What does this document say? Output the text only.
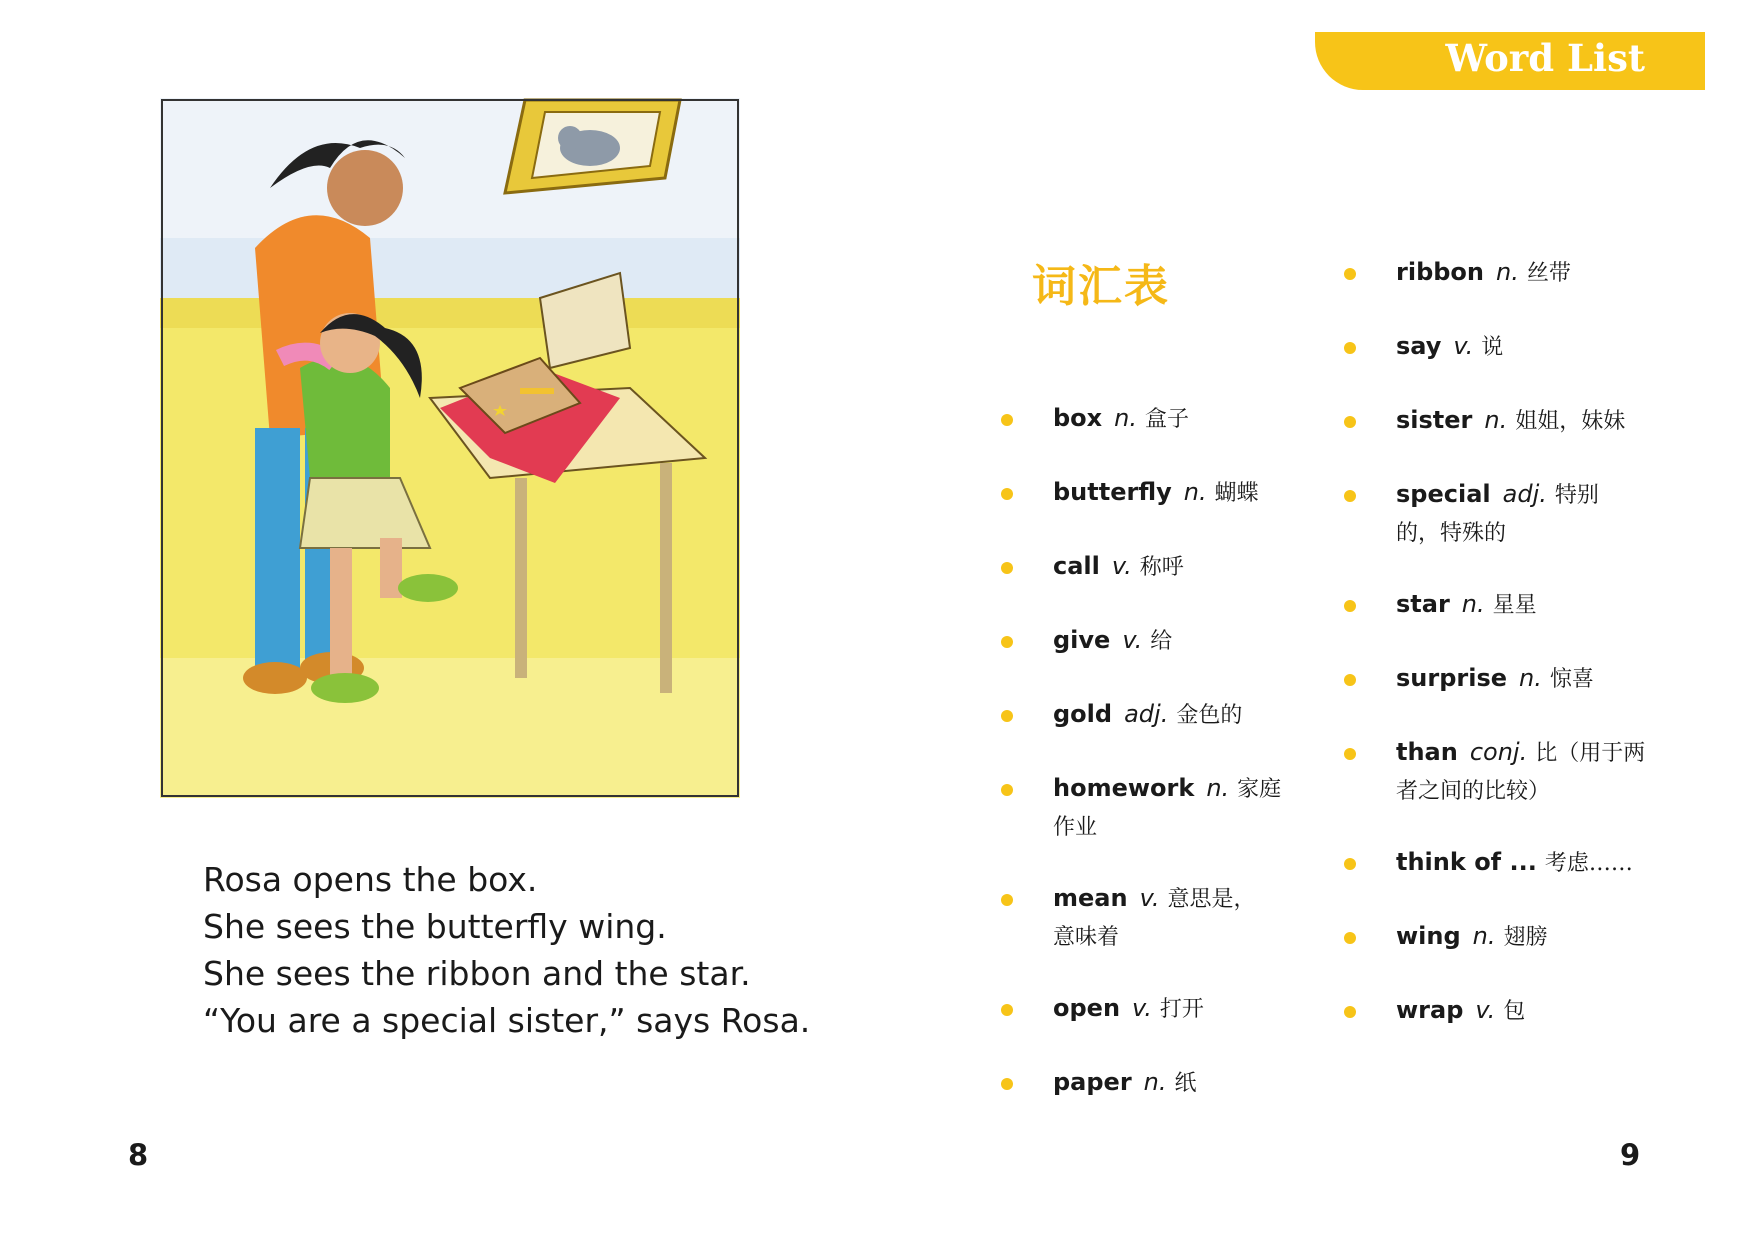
Rosa opens the box.
She sees the butterfly wing.
She sees the ribbon and the star.
“You are a special sister,” says Rosa.
8
Word List
词汇表
box n. 盒子
butterfly n. 蝴蝶
call v. 称呼
give v. 给
gold adj. 金色的
homework n. 家庭作业
mean v. 意思是，意味着
open v. 打开
paper n. 纸
ribbon n. 丝带
say v. 说
sister n. 姐姐，妹妹
special adj. 特别的，特殊的
star n. 星星
surprise n. 惊喜
than conj. 比（用于两者之间的比较）
think of ... 考虑……
wing n. 翅膀
wrap v. 包
9
